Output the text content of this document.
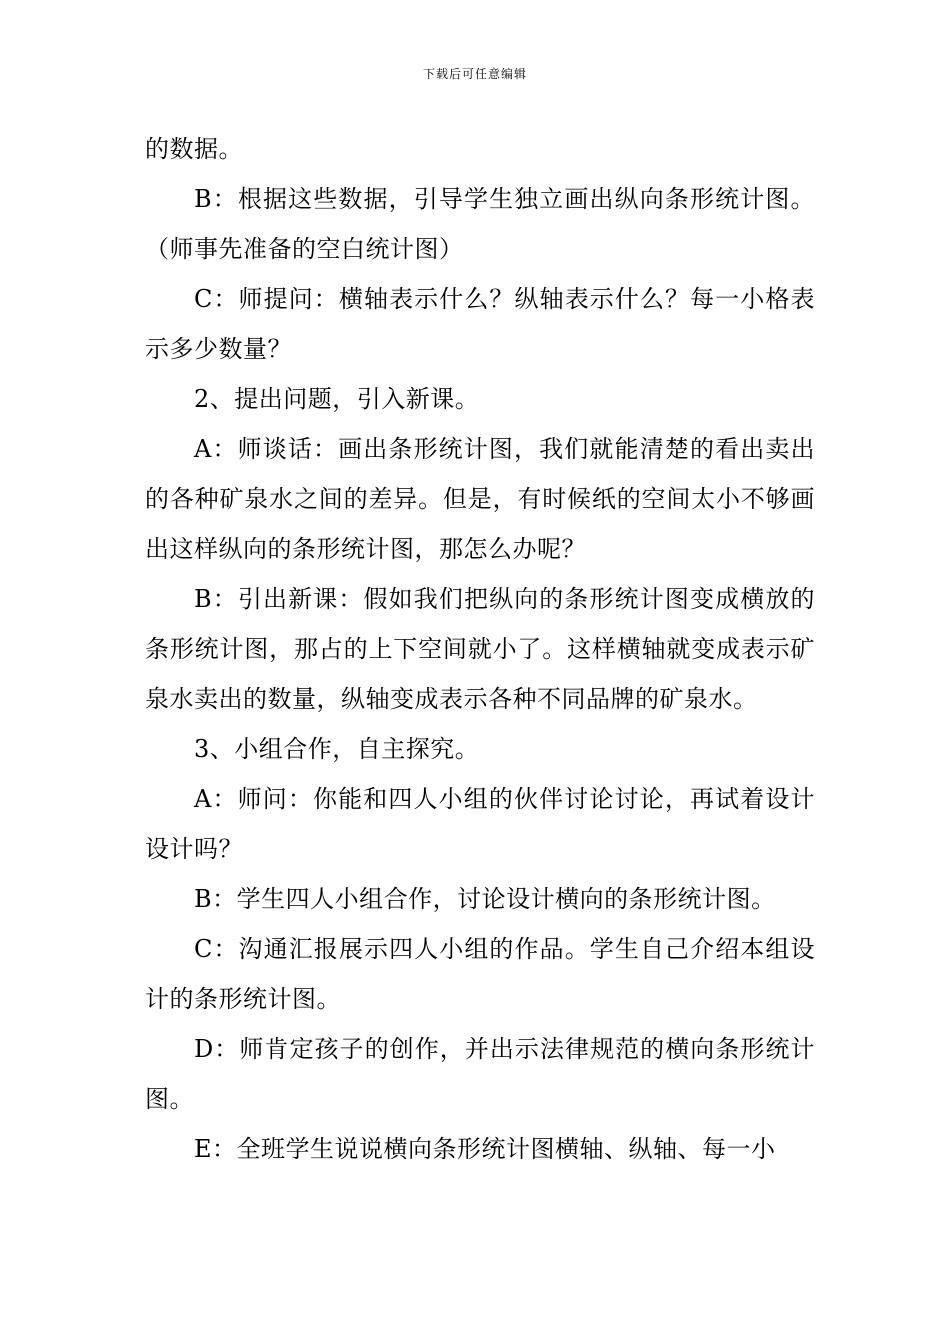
下载后可任意编辑

的数据。

B：根据这些数据，引导学生独立画出纵向条形统计图。（师事先准备的空白统计图）

C：师提问：横轴表示什么？纵轴表示什么？每一小格表示多少数量？

2、提出问题，引入新课。

A：师谈话：画出条形统计图，我们就能清楚的看出卖出的各种矿泉水之间的差异。但是，有时候纸的空间太小不够画出这样纵向的条形统计图，那怎么办呢？

B：引出新课：假如我们把纵向的条形统计图变成横放的条形统计图，那占的上下空间就小了。这样横轴就变成表示矿泉水卖出的数量，纵轴变成表示各种不同品牌的矿泉水。

3、小组合作，自主探究。

A：师问：你能和四人小组的伙伴讨论讨论，再试着设计设计吗？

B：学生四人小组合作，讨论设计横向的条形统计图。

C：沟通汇报展示四人小组的作品。学生自己介绍本组设计的条形统计图。

D：师肯定孩子的创作，并出示法律规范的横向条形统计图。

E：全班学生说说横向条形统计图横轴、纵轴、每一小
